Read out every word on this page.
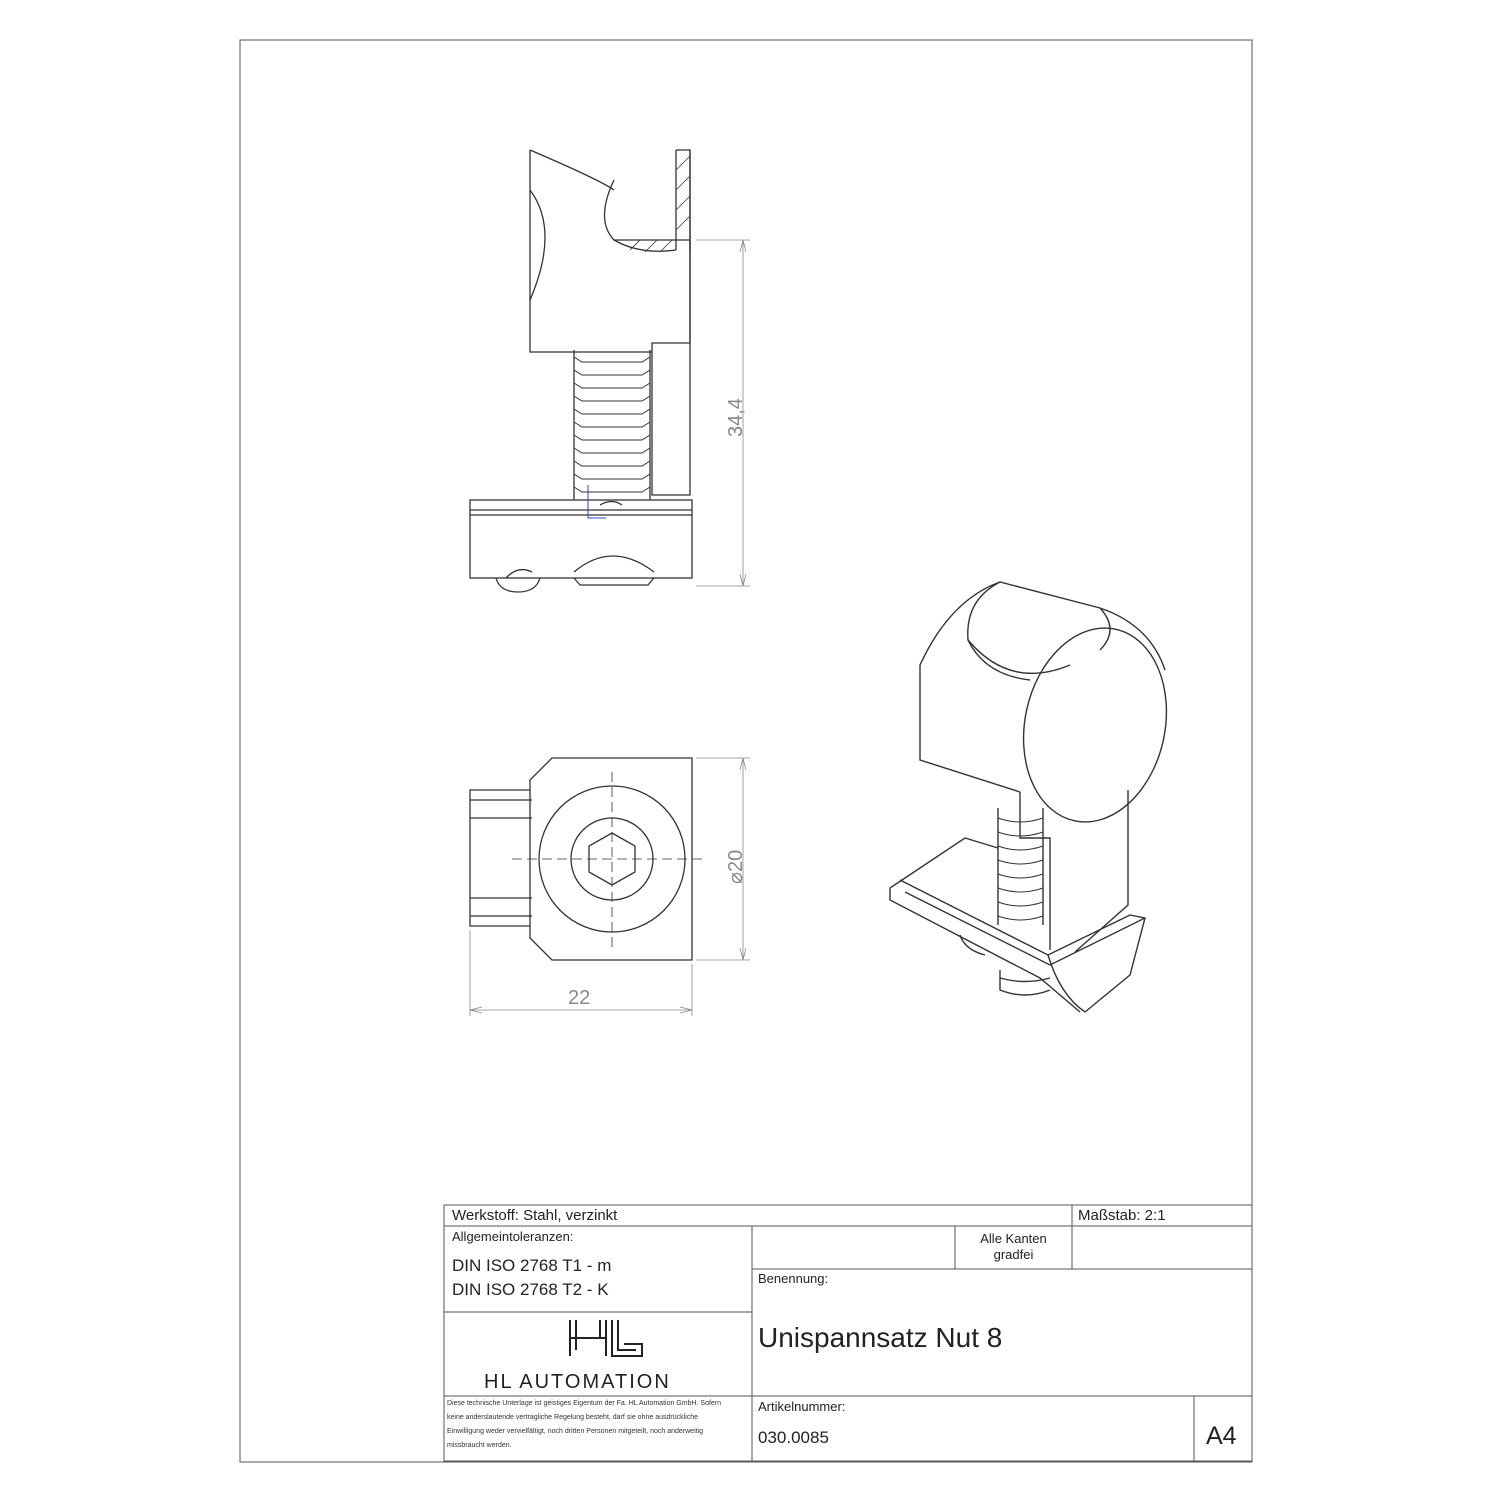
34,4
⌀20
22
Werkstoff: Stahl, verzinkt	Maßstab: 2:1
Allgemeintoleranzen:
DIN ISO 2768 T1 - m
DIN ISO 2768 T2 - K
Alle Kanten
gradfei
Benennung:
Unispannsatz Nut 8
Artikelnummer:
030.0085	A4
HL AUTOMATION
Diese technische Unterlage ist geistiges Eigentum der Fa. HL Automation GmbH. Sofern
keine anderslautende vertragliche Regelung besteht, darf sie ohne ausdrückliche
Einwilligung weder vervielfältigt, noch dritten Personen mitgeteilt, noch anderweitig
missbraucht werden.
